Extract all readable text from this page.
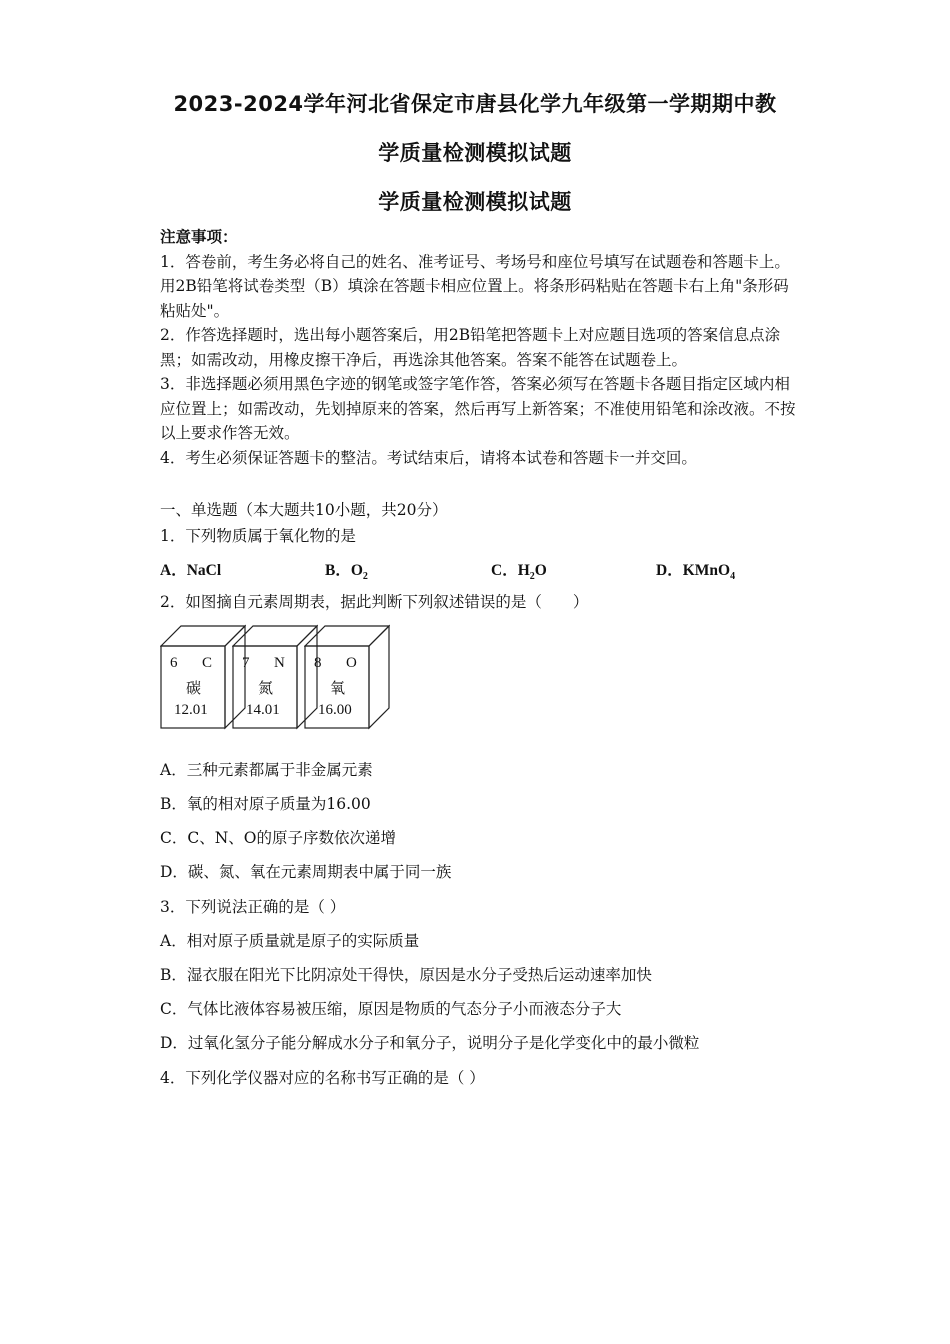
2023-2024学年河北省保定市唐县化学九年级第一学期期中教
学质量检测模拟试题
学质量检测模拟试题

注意事项：

1．答卷前，考生务必将自己的姓名、准考证号、考场号和座位号填写在试题卷和答题卡上。用2B铅笔将试卷类型（B）填涂在答题卡相应位置上。将条形码粘贴在答题卡右上角"条形码粘贴处"。

2．作答选择题时，选出每小题答案后，用2B铅笔把答题卡上对应题目选项的答案信息点涂黑；如需改动，用橡皮擦干净后，再选涂其他答案。答案不能答在试题卷上。

3．非选择题必须用黑色字迹的钢笔或签字笔作答，答案必须写在答题卡各题目指定区域内相应位置上；如需改动，先划掉原来的答案，然后再写上新答案；不准使用铅笔和涂改液。不按以上要求作答无效。

4．考生必须保证答题卡的整洁。考试结束后，请将本试卷和答题卡一并交回。

一、单选题（本大题共10小题，共20分）
1．下列物质属于氧化物的是
A．NaCl	B．$O_2$	C．$H_2O$	D．KMnO$_4$
2．如图摘自元素周期表，据此判断下列叙述错误的是（　　）
6 C
碳
12.01
7 N
氮
14.01
8 O
氧
16.00
A．三种元素都属于非金属元素
B．氧的相对原子质量为16.00
C．C、N、O的原子序数依次递增
D．碳、氮、氧在元素周期表中属于同一族
3．下列说法正确的是（ ）
A．相对原子质量就是原子的实际质量
B．湿衣服在阳光下比阴凉处干得快，原因是水分子受热后运动速率加快
C．气体比液体容易被压缩，原因是物质的气态分子小而液态分子大
D．过氧化氢分子能分解成水分子和氧分子，说明分子是化学变化中的最小微粒
4．下列化学仪器对应的名称书写正确的是（ ）
